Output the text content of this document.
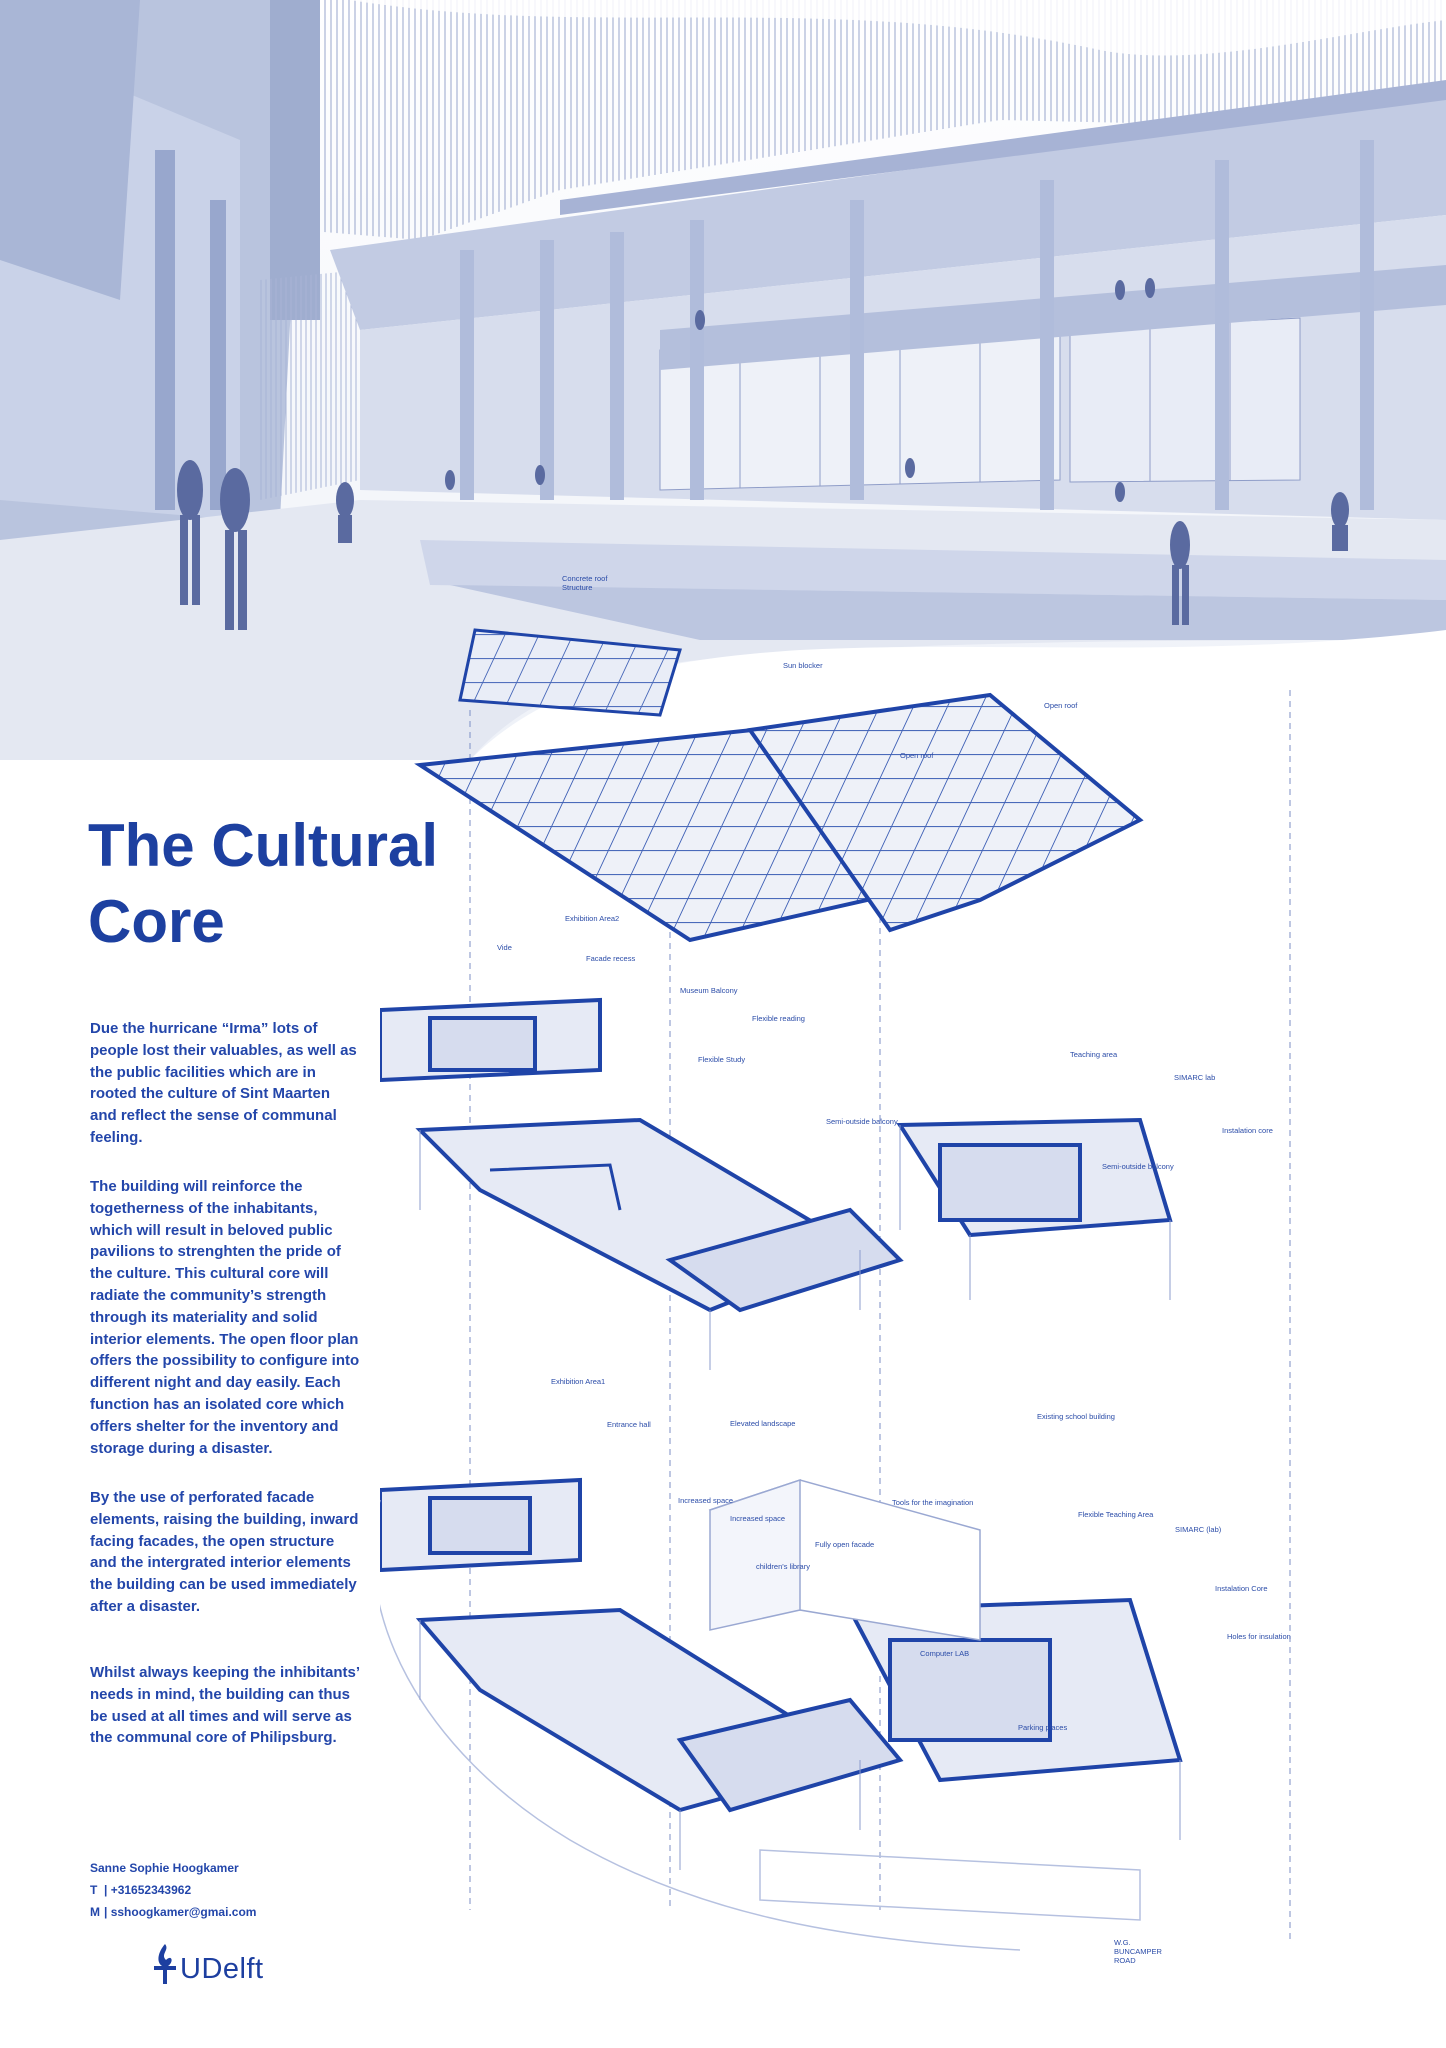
The Cultural
Core

Due the hurricane “Irma” lots of people lost their valuables, as well as the public facilities which are in rooted the culture of Sint Maarten and reflect the sense of communal feeling.

The building will reinforce the togetherness of the inhabitants, which will result in beloved public pavilions to strenghten the pride of the culture. This cultural core will radiate the community’s strength through its materiality and solid interior elements. The open floor plan offers the possibility to configure into different night and day easily. Each function has an isolated core which offers shelter for the inventory and storage during a disaster.

By the use of perforated facade elements, raising the building, inward facing facades, the open structure and the intergrated interior elements the building can be used immediately after a disaster.

Whilst always keeping the inhibitants’ needs in mind, the building can thus be used at all times and will serve as the communal core of Philipsburg.

Sanne Sophie Hoogkamer
T | +31652343962
M | sshoogkamer@gmai.com
UDelft
Concrete roof
Structure
Sun blocker
Open roof
Open roof
Vide
Exhibition Area2
Facade recess
Museum Balcony
Flexible reading
Flexible Study
Semi-outside balcony
Teaching area
SIMARC lab
Instalation core
Semi-outside balcony
Exhibition Area1
Entrance hall	Elevated landscape
Existing school building
Increased space
Increased space
Tools for the imagination
Flexible Teaching Area
SIMARC (lab)
children's library
Fully open facade
Instalation Core
Holes for insulation
Computer LAB
Parking places
W.G. BUNCAMPER ROAD
